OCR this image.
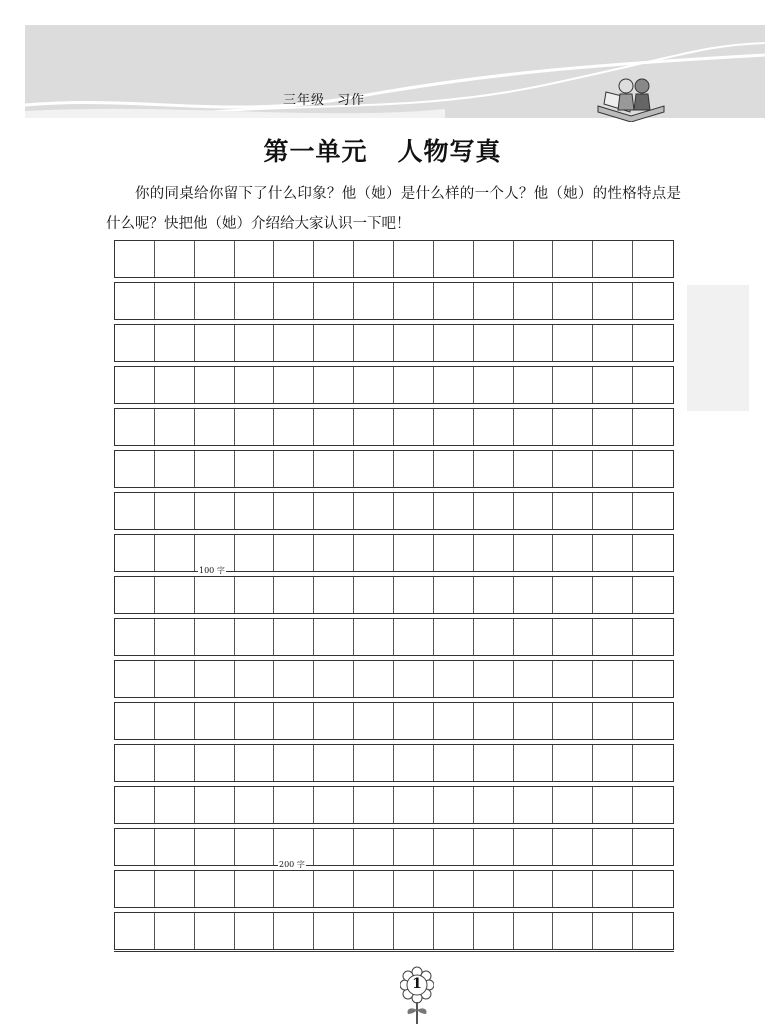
三年级 习作
第一单元 人物写真
你的同桌给你留下了什么印象？他（她）是什么样的一个人？他（她）的性格特点是什么呢？快把他（她）介绍给大家认识一下吧！
100 字
200 字
1
